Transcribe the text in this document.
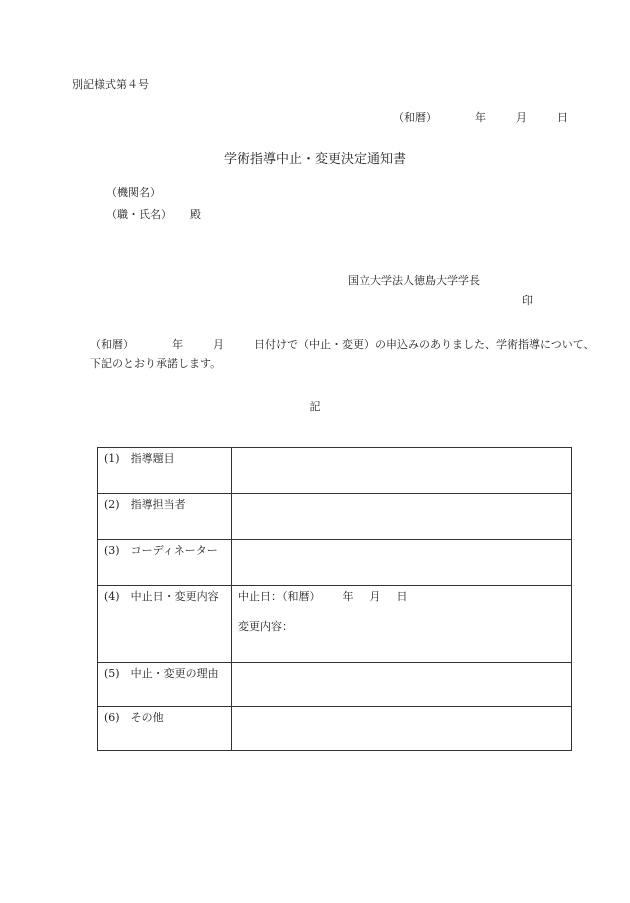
別記様式第４号
（和暦）	年	月	日
学術指導中止・変更決定通知書
（機関名）
（職・氏名） 殿
国立大学法人徳島大学学長
印
（和暦）	年	月	日付けで（中止・変更）の申込みのありました、学術指導について、
下記のとおり承諾します。
記
(1)　指導題目	
(2)　指導担当者	
(3)　コーディネーター	
(4)　中止日・変更内容	中止日：（和暦） 年 月 日
変更内容：

(5)　中止・変更の理由	
(6)　その他	
